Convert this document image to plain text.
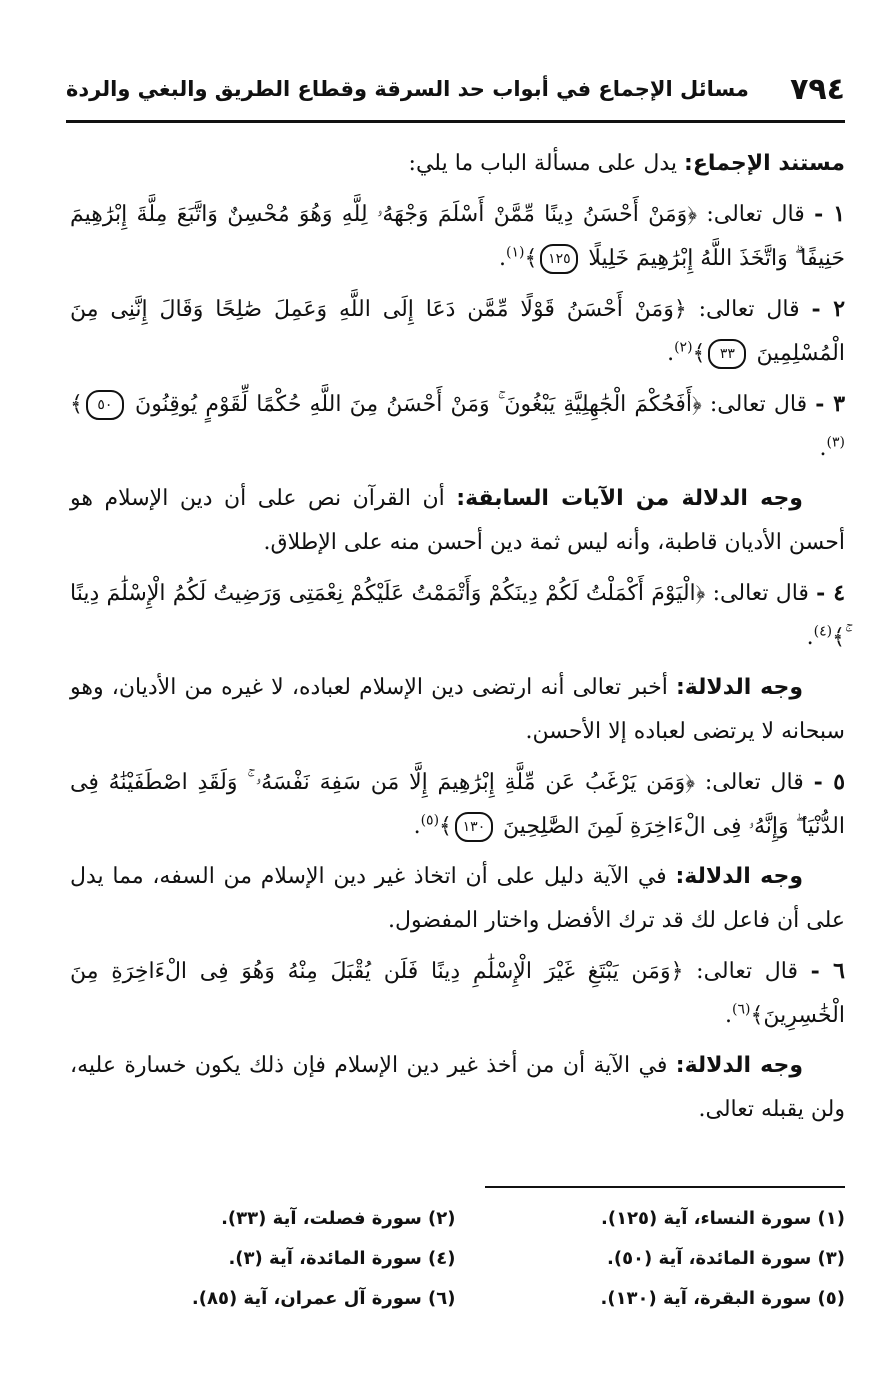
٧٩٤
مسائل الإجماع في أبواب حد السرقة وقطاع الطريق والبغي والردة

مستند الإجماع: يدل على مسألة الباب ما يلي:

١ - قال تعالى: ﴿وَمَنْ أَحْسَنُ دِينًا مِّمَّنْ أَسْلَمَ وَجْهَهُۥ لِلَّهِ وَهُوَ مُحْسِنٌ وَاتَّبَعَ مِلَّةَ إِبْرَٰهِيمَ حَنِيفًا ۗ وَاتَّخَذَ اللَّهُ إِبْرَٰهِيمَ خَلِيلًا ١٢٥﴾$^{(١)}$.

٢ - قال تعالى: ﴿وَمَنْ أَحْسَنُ قَوْلًا مِّمَّن دَعَا إِلَى اللَّهِ وَعَمِلَ صَٰلِحًا وَقَالَ إِنَّنِى مِنَ الْمُسْلِمِينَ ٣٣﴾$^{(٢)}$.

٣ - قال تعالى: ﴿أَفَحُكْمَ الْجَٰهِلِيَّةِ يَبْغُونَ ۚ وَمَنْ أَحْسَنُ مِنَ اللَّهِ حُكْمًا لِّقَوْمٍ يُوقِنُونَ ٥٠﴾$^{(٣)}$.

وجه الدلالة من الآيات السابقة: أن القرآن نص على أن دين الإسلام هو أحسن الأديان قاطبة، وأنه ليس ثمة دين أحسن منه على الإطلاق.

٤ - قال تعالى: ﴿الْيَوْمَ أَكْمَلْتُ لَكُمْ دِينَكُمْ وَأَتْمَمْتُ عَلَيْكُمْ نِعْمَتِى وَرَضِيتُ لَكُمُ الْإِسْلَٰمَ دِينًا ﴾$^{(٤)}$.

وجه الدلالة: أخبر تعالى أنه ارتضى دين الإسلام لعباده، لا غيره من الأديان، وهو سبحانه لا يرتضى لعباده إلا الأحسن.

٥ - قال تعالى: ﴿وَمَن يَرْغَبُ عَن مِّلَّةِ إِبْرَٰهِيمَ إِلَّا مَن سَفِهَ نَفْسَهُۥ ۚ وَلَقَدِ اصْطَفَيْنَٰهُ فِى الدُّنْيَا ۖ وَإِنَّهُۥ فِى الْءَاخِرَةِ لَمِنَ الصَّٰلِحِينَ ١٣٠﴾$^{(٥)}$.

وجه الدلالة: في الآية دليل على أن اتخاذ غير دين الإسلام من السفه، مما يدل على أن فاعل لك قد ترك الأفضل واختار المفضول.

٦ - قال تعالى: ﴿وَمَن يَبْتَغِ غَيْرَ الْإِسْلَٰمِ دِينًا فَلَن يُقْبَلَ مِنْهُ وَهُوَ فِى الْءَاخِرَةِ مِنَ الْخَٰسِرِينَ﴾$^{(٦)}$.

وجه الدلالة: في الآية أن من أخذ غير دين الإسلام فإن ذلك يكون خسارة عليه، ولن يقبله تعالى.

(١) سورة النساء، آية (١٢٥).
(٢) سورة فصلت، آية (٣٣).
(٣) سورة المائدة، آية (٥٠).
(٤) سورة المائدة، آية (٣).
(٥) سورة البقرة، آية (١٣٠).
(٦) سورة آل عمران، آية (٨٥).
